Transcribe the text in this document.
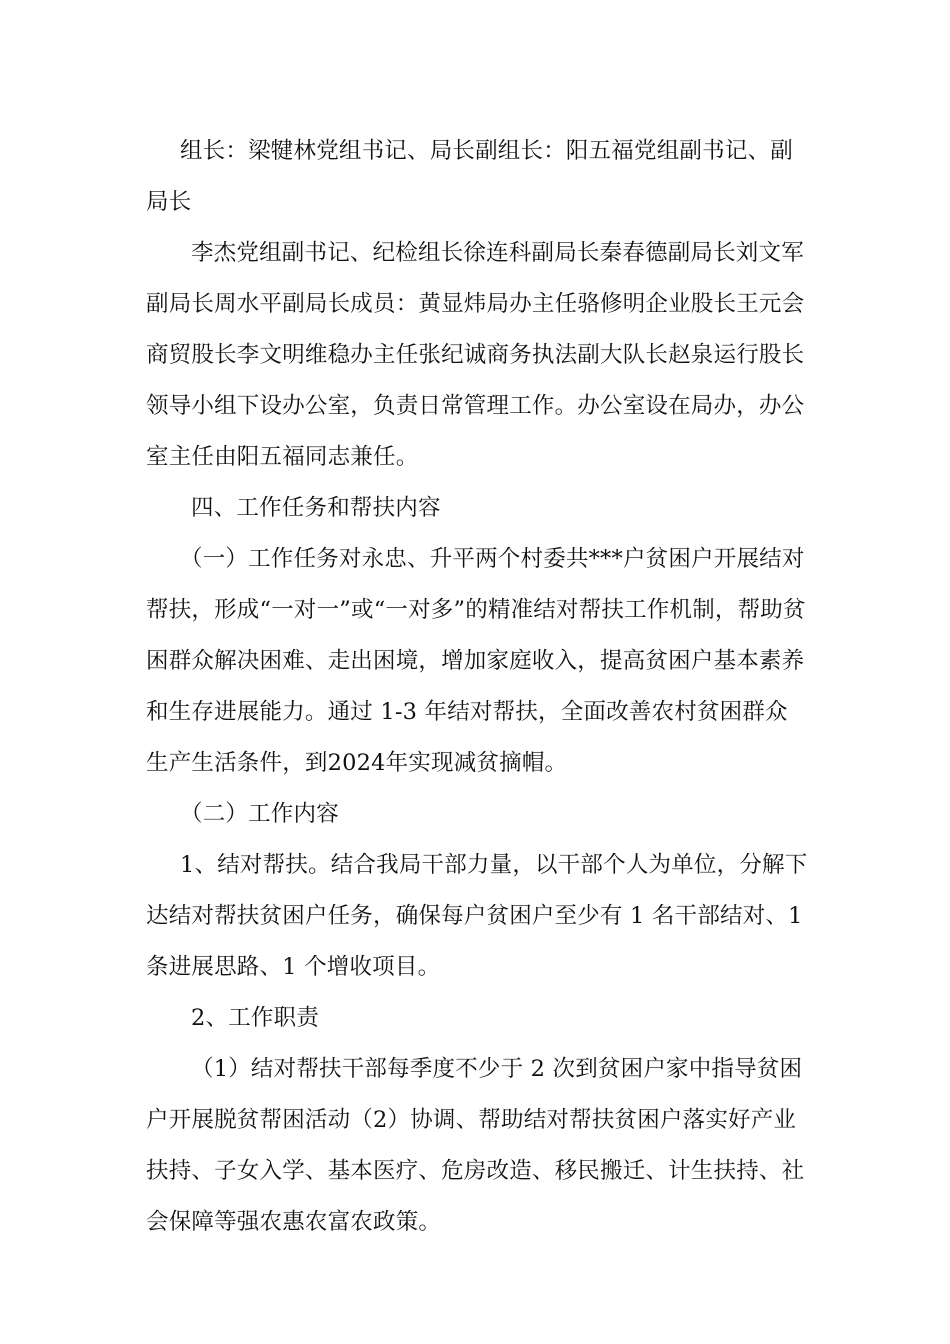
组长：梁犍林党组书记、局长副组长：阳五福党组副书记、副局长

李杰党组副书记、纪检组长徐连科副局长秦春德副局长刘文军副局长周水平副局长成员：黄显炜局办主任骆修明企业股长王元会商贸股长李文明维稳办主任张纪诚商务执法副大队长赵泉运行股长领导小组下设办公室，负责日常管理工作。办公室设在局办，办公室主任由阳五福同志兼任。

四、工作任务和帮扶内容

（一）工作任务对永忠、升平两个村委共***户贫困户开展结对帮扶，形成“一对一”或“一对多”的精准结对帮扶工作机制，帮助贫困群众解决困难、走出困境，增加家庭收入，提高贫困户基本素养和生存进展能力。通过 1-3 年结对帮扶，全面改善农村贫困群众生产生活条件，到2024年实现减贫摘帽。

（二）工作内容

1、结对帮扶。结合我局干部力量，以干部个人为单位，分解下达结对帮扶贫困户任务，确保每户贫困户至少有 1 名干部结对、1 条进展思路、1 个增收项目。

2、工作职责

（1）结对帮扶干部每季度不少于 2 次到贫困户家中指导贫困户开展脱贫帮困活动（2）协调、帮助结对帮扶贫困户落实好产业扶持、子女入学、基本医疗、危房改造、移民搬迁、计生扶持、社会保障等强农惠农富农政策。
